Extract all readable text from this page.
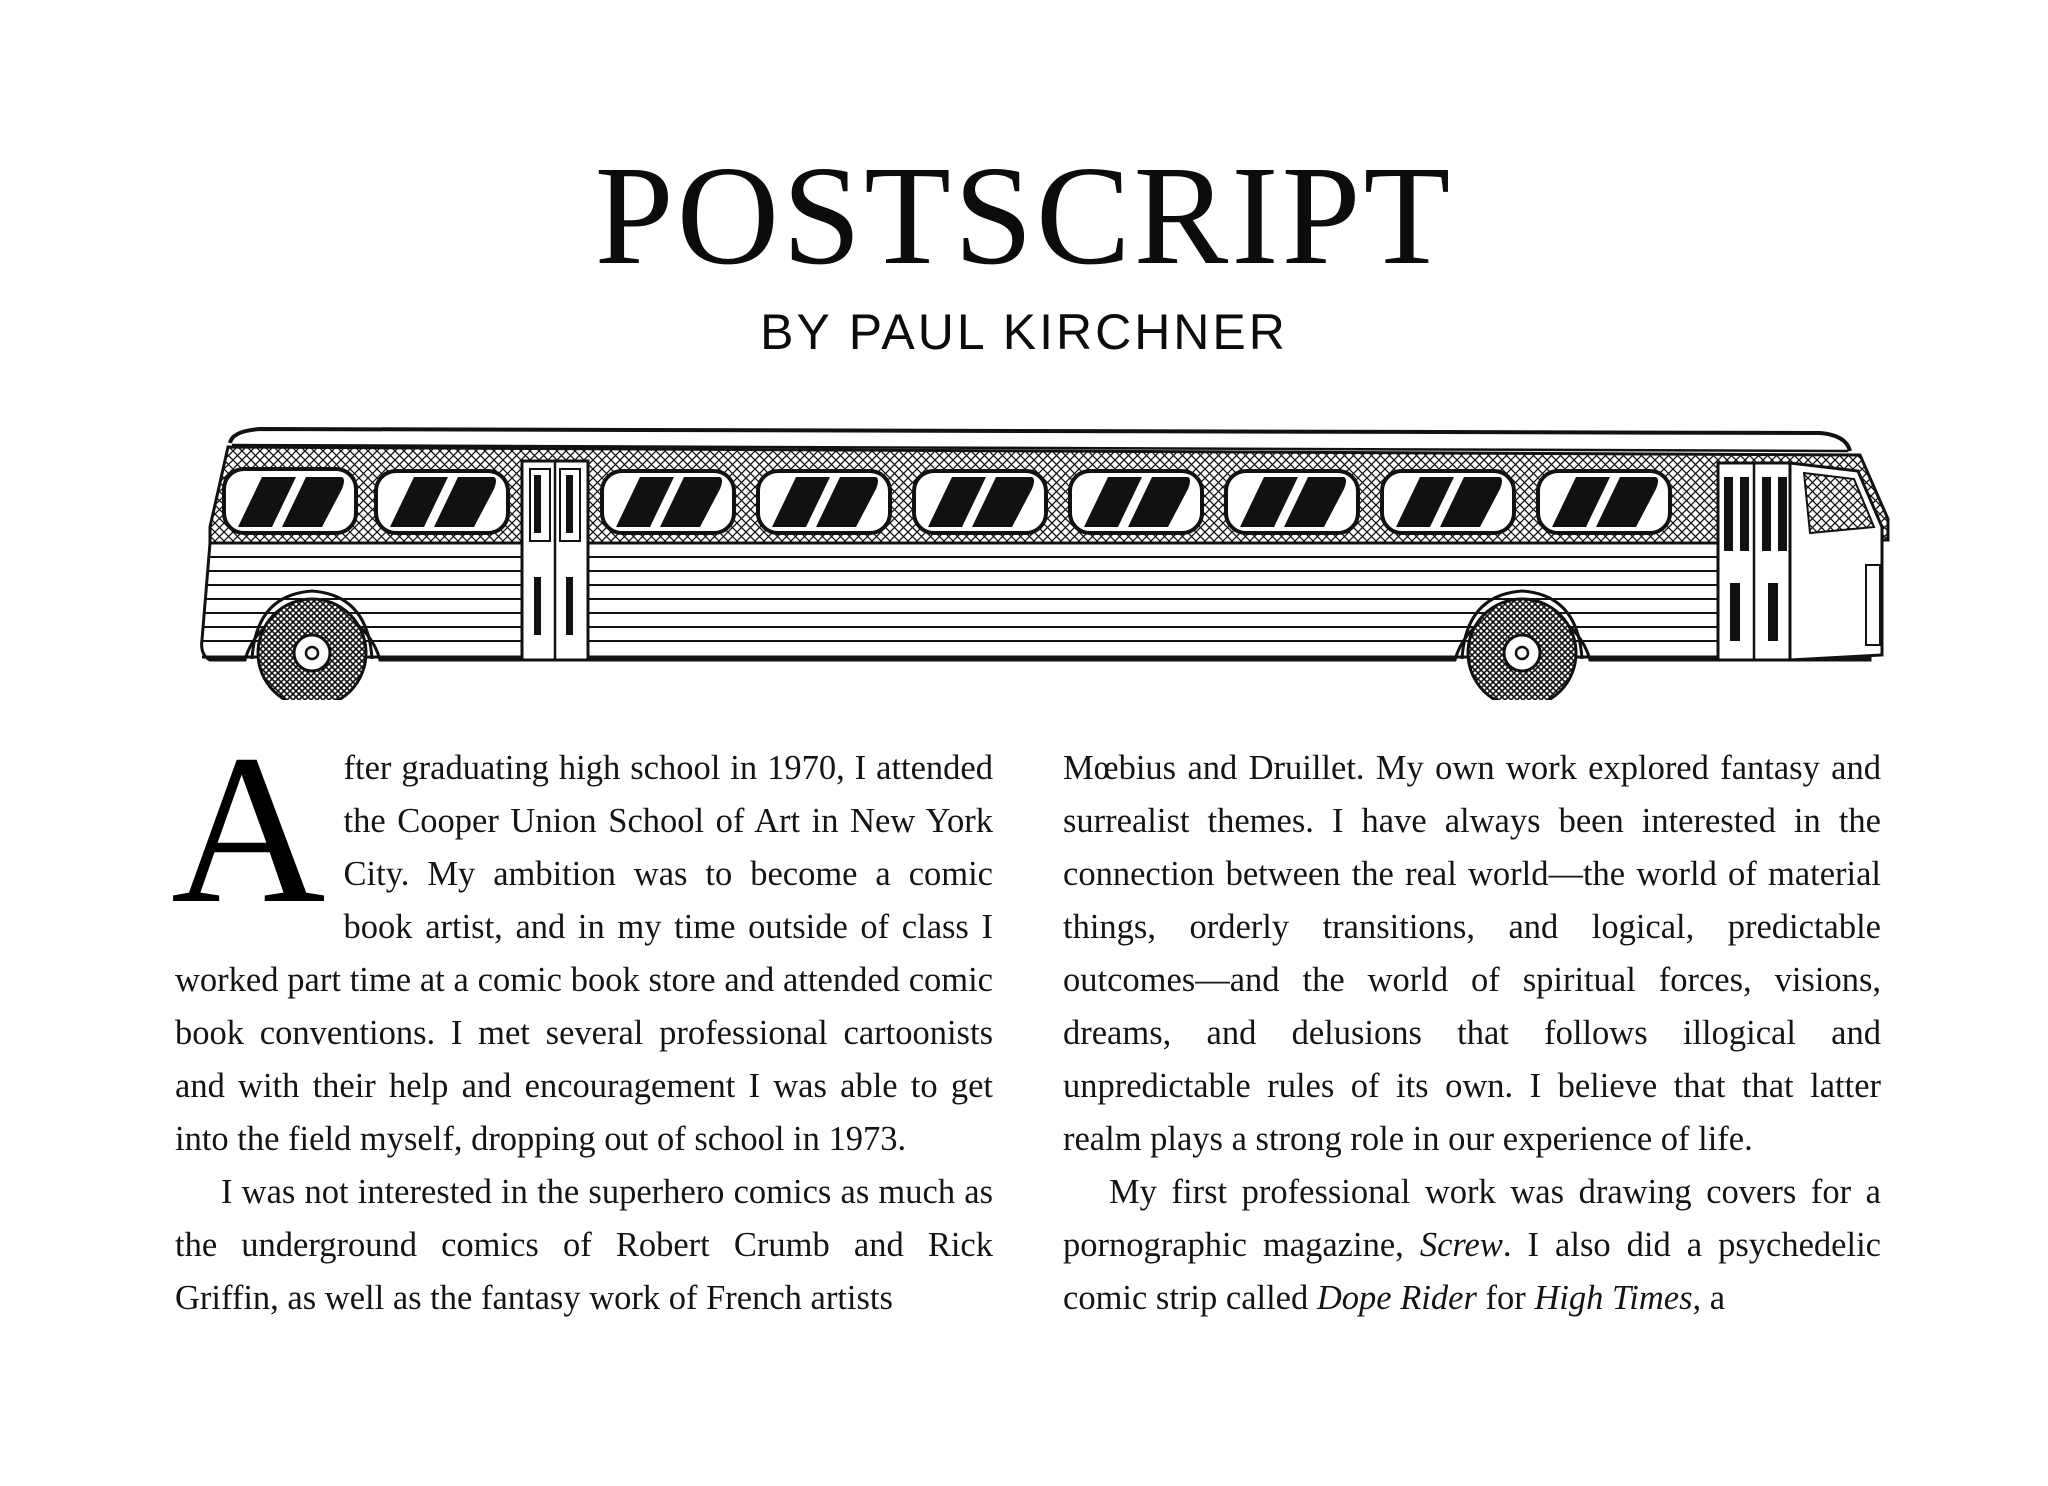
POSTSCRIPT
BY PAUL KIRCHNER

After graduating high school in 1970, I attended the Cooper Union School of Art in New York City. My ambition was to become a comic book artist, and in my time outside of class I worked part time at a comic book store and attended comic book conventions. I met several professional cartoonists and with their help and encouragement I was able to get into the field myself, dropping out of school in 1973.

I was not interested in the superhero comics as much as the underground comics of Robert Crumb and Rick Griffin, as well as the fantasy work of French artists

Mœbius and Druillet. My own work explored fantasy and surrealist themes. I have always been interested in the connection between the real world—the world of material things, orderly transitions, and logical, predictable outcomes—and the world of spiritual forces, visions, dreams, and delusions that follows illogical and unpredictable rules of its own. I believe that that latter realm plays a strong role in our experience of life.

My first professional work was drawing covers for a pornographic magazine, Screw. I also did a psychedelic comic strip called Dope Rider for High Times, a
